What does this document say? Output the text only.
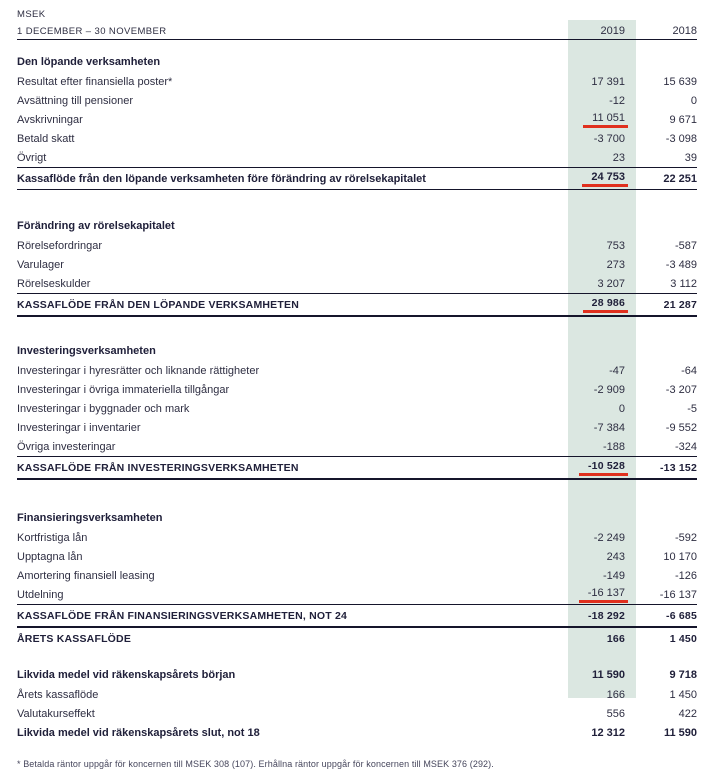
MSEK
1 DECEMBER – 30 NOVEMBER	2019	2018
Den löpande verksamheten
Resultat efter finansiella poster*	17 391	15 639
Avsättning till pensioner	-12	0
Avskrivningar	11 051	9 671
Betald skatt	-3 700	-3 098
Övrigt	23	39
Kassaflöde från den löpande verksamheten före förändring av rörelsekapitalet	24 753	22 251
Förändring av rörelsekapitalet
Rörelsefordringar	753	-587
Varulager	273	-3 489
Rörelseskulder	3 207	3 112
KASSAFLÖDE FRÅN DEN LÖPANDE VERKSAMHETEN	28 986	21 287
Investeringsverksamheten
Investeringar i hyresrätter och liknande rättigheter	-47	-64
Investeringar i övriga immateriella tillgångar	-2 909	-3 207
Investeringar i byggnader och mark	0	-5
Investeringar i inventarier	-7 384	-9 552
Övriga investeringar	-188	-324
KASSAFLÖDE FRÅN INVESTERINGSVERKSAMHETEN	-10 528	-13 152
Finansieringsverksamheten
Kortfristiga lån	-2 249	-592
Upptagna lån	243	10 170
Amortering finansiell leasing	-149	-126
Utdelning	-16 137	-16 137
KASSAFLÖDE FRÅN FINANSIERINGSVERKSAMHETEN, NOT 24	-18 292	-6 685
ÅRETS KASSAFLÖDE	166	1 450
Likvida medel vid räkenskapsårets början	11 590	9 718
Årets kassaflöde	166	1 450
Valutakurseffekt	556	422
Likvida medel vid räkenskapsårets slut, not 18	12 312	11 590
* Betalda räntor uppgår för koncernen till MSEK 308 (107). Erhållna räntor uppgår för koncernen till MSEK 376 (292).
